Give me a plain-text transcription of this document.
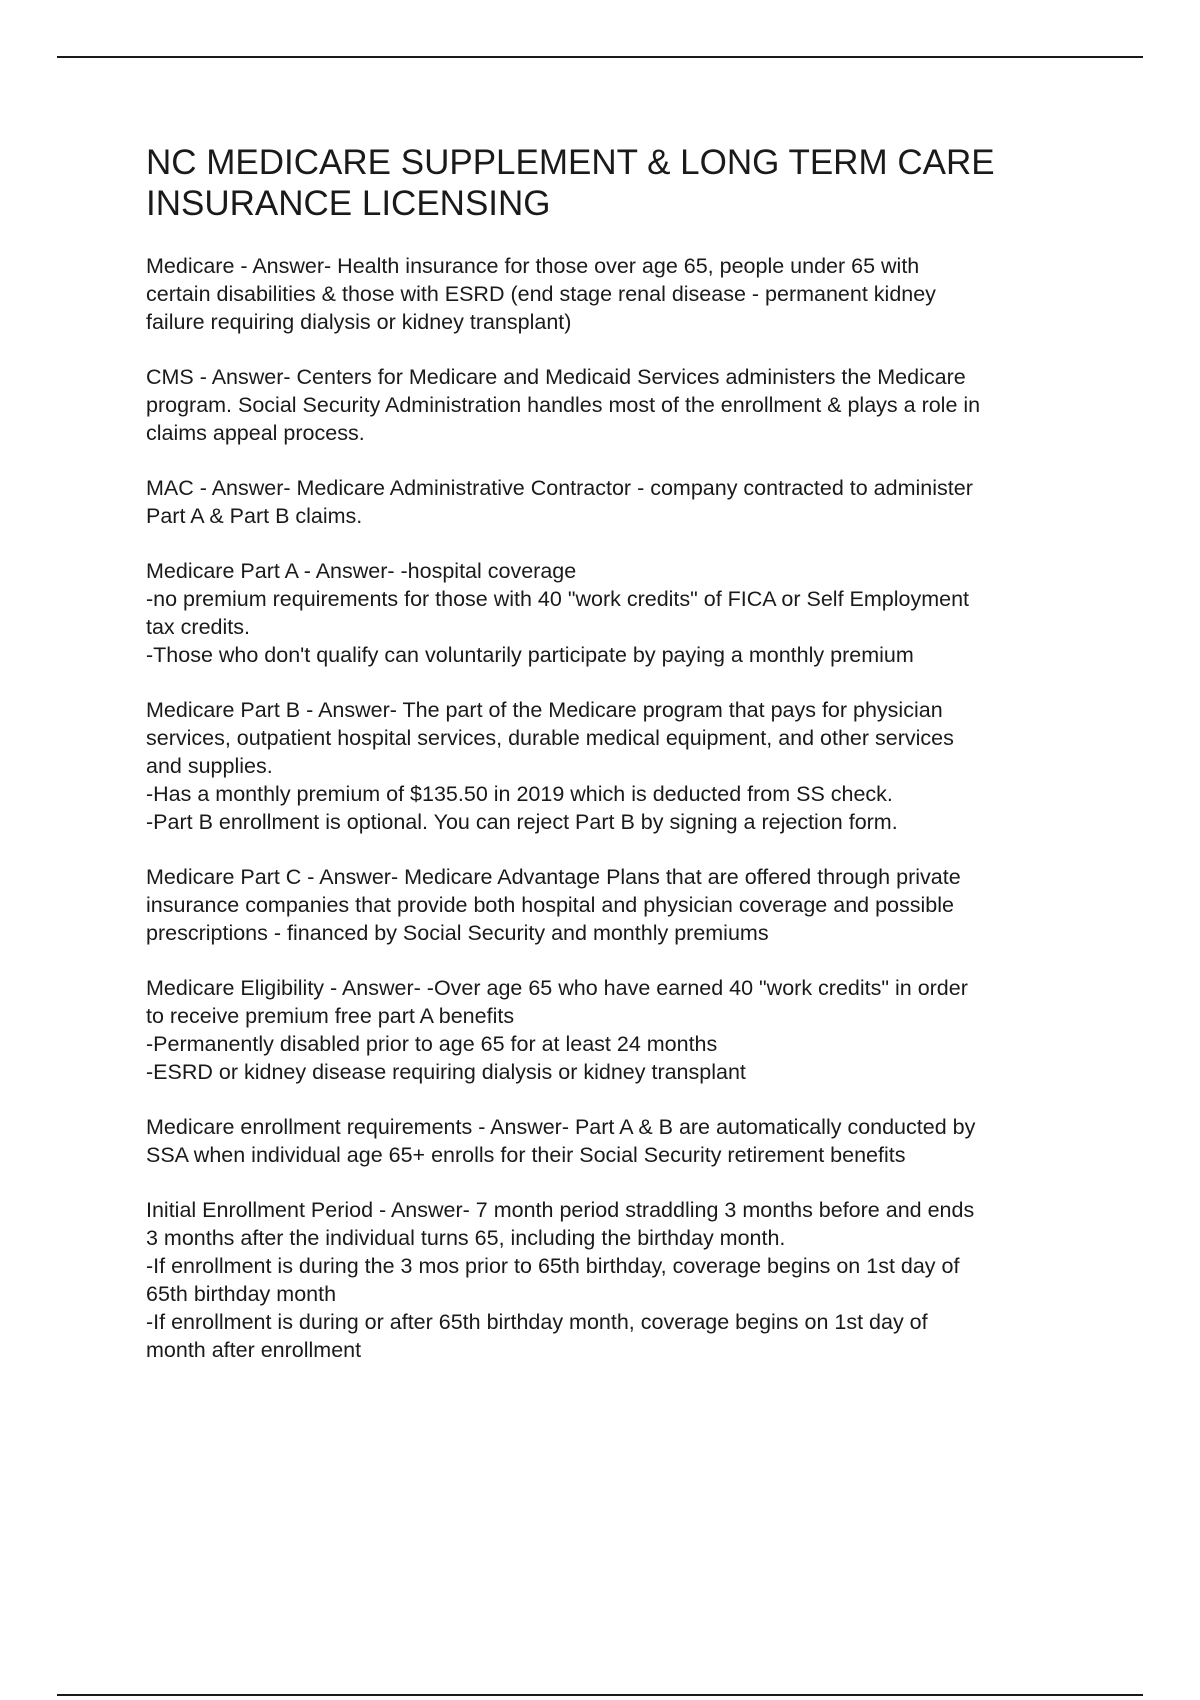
NC MEDICARE SUPPLEMENT & LONG TERM CARE
INSURANCE LICENSING
Medicare - Answer- Health insurance for those over age 65, people under 65 with
certain disabilities & those with ESRD (end stage renal disease - permanent kidney
failure requiring dialysis or kidney transplant)
CMS - Answer- Centers for Medicare and Medicaid Services administers the Medicare
program. Social Security Administration handles most of the enrollment & plays a role in
claims appeal process.
MAC - Answer- Medicare Administrative Contractor - company contracted to administer
Part A & Part B claims.
Medicare Part A - Answer- -hospital coverage
-no premium requirements for those with 40 "work credits" of FICA or Self Employment
tax credits.
-Those who don't qualify can voluntarily participate by paying a monthly premium
Medicare Part B - Answer- The part of the Medicare program that pays for physician
services, outpatient hospital services, durable medical equipment, and other services
and supplies.
-Has a monthly premium of $135.50 in 2019 which is deducted from SS check.
-Part B enrollment is optional. You can reject Part B by signing a rejection form.
Medicare Part C - Answer- Medicare Advantage Plans that are offered through private
insurance companies that provide both hospital and physician coverage and possible
prescriptions - financed by Social Security and monthly premiums
Medicare Eligibility - Answer- -Over age 65 who have earned 40 "work credits" in order
to receive premium free part A benefits
-Permanently disabled prior to age 65 for at least 24 months
-ESRD or kidney disease requiring dialysis or kidney transplant
Medicare enrollment requirements - Answer- Part A & B are automatically conducted by
SSA when individual age 65+ enrolls for their Social Security retirement benefits
Initial Enrollment Period - Answer- 7 month period straddling 3 months before and ends
3 months after the individual turns 65, including the birthday month.
-If enrollment is during the 3 mos prior to 65th birthday, coverage begins on 1st day of
65th birthday month
-If enrollment is during or after 65th birthday month, coverage begins on 1st day of
month after enrollment
